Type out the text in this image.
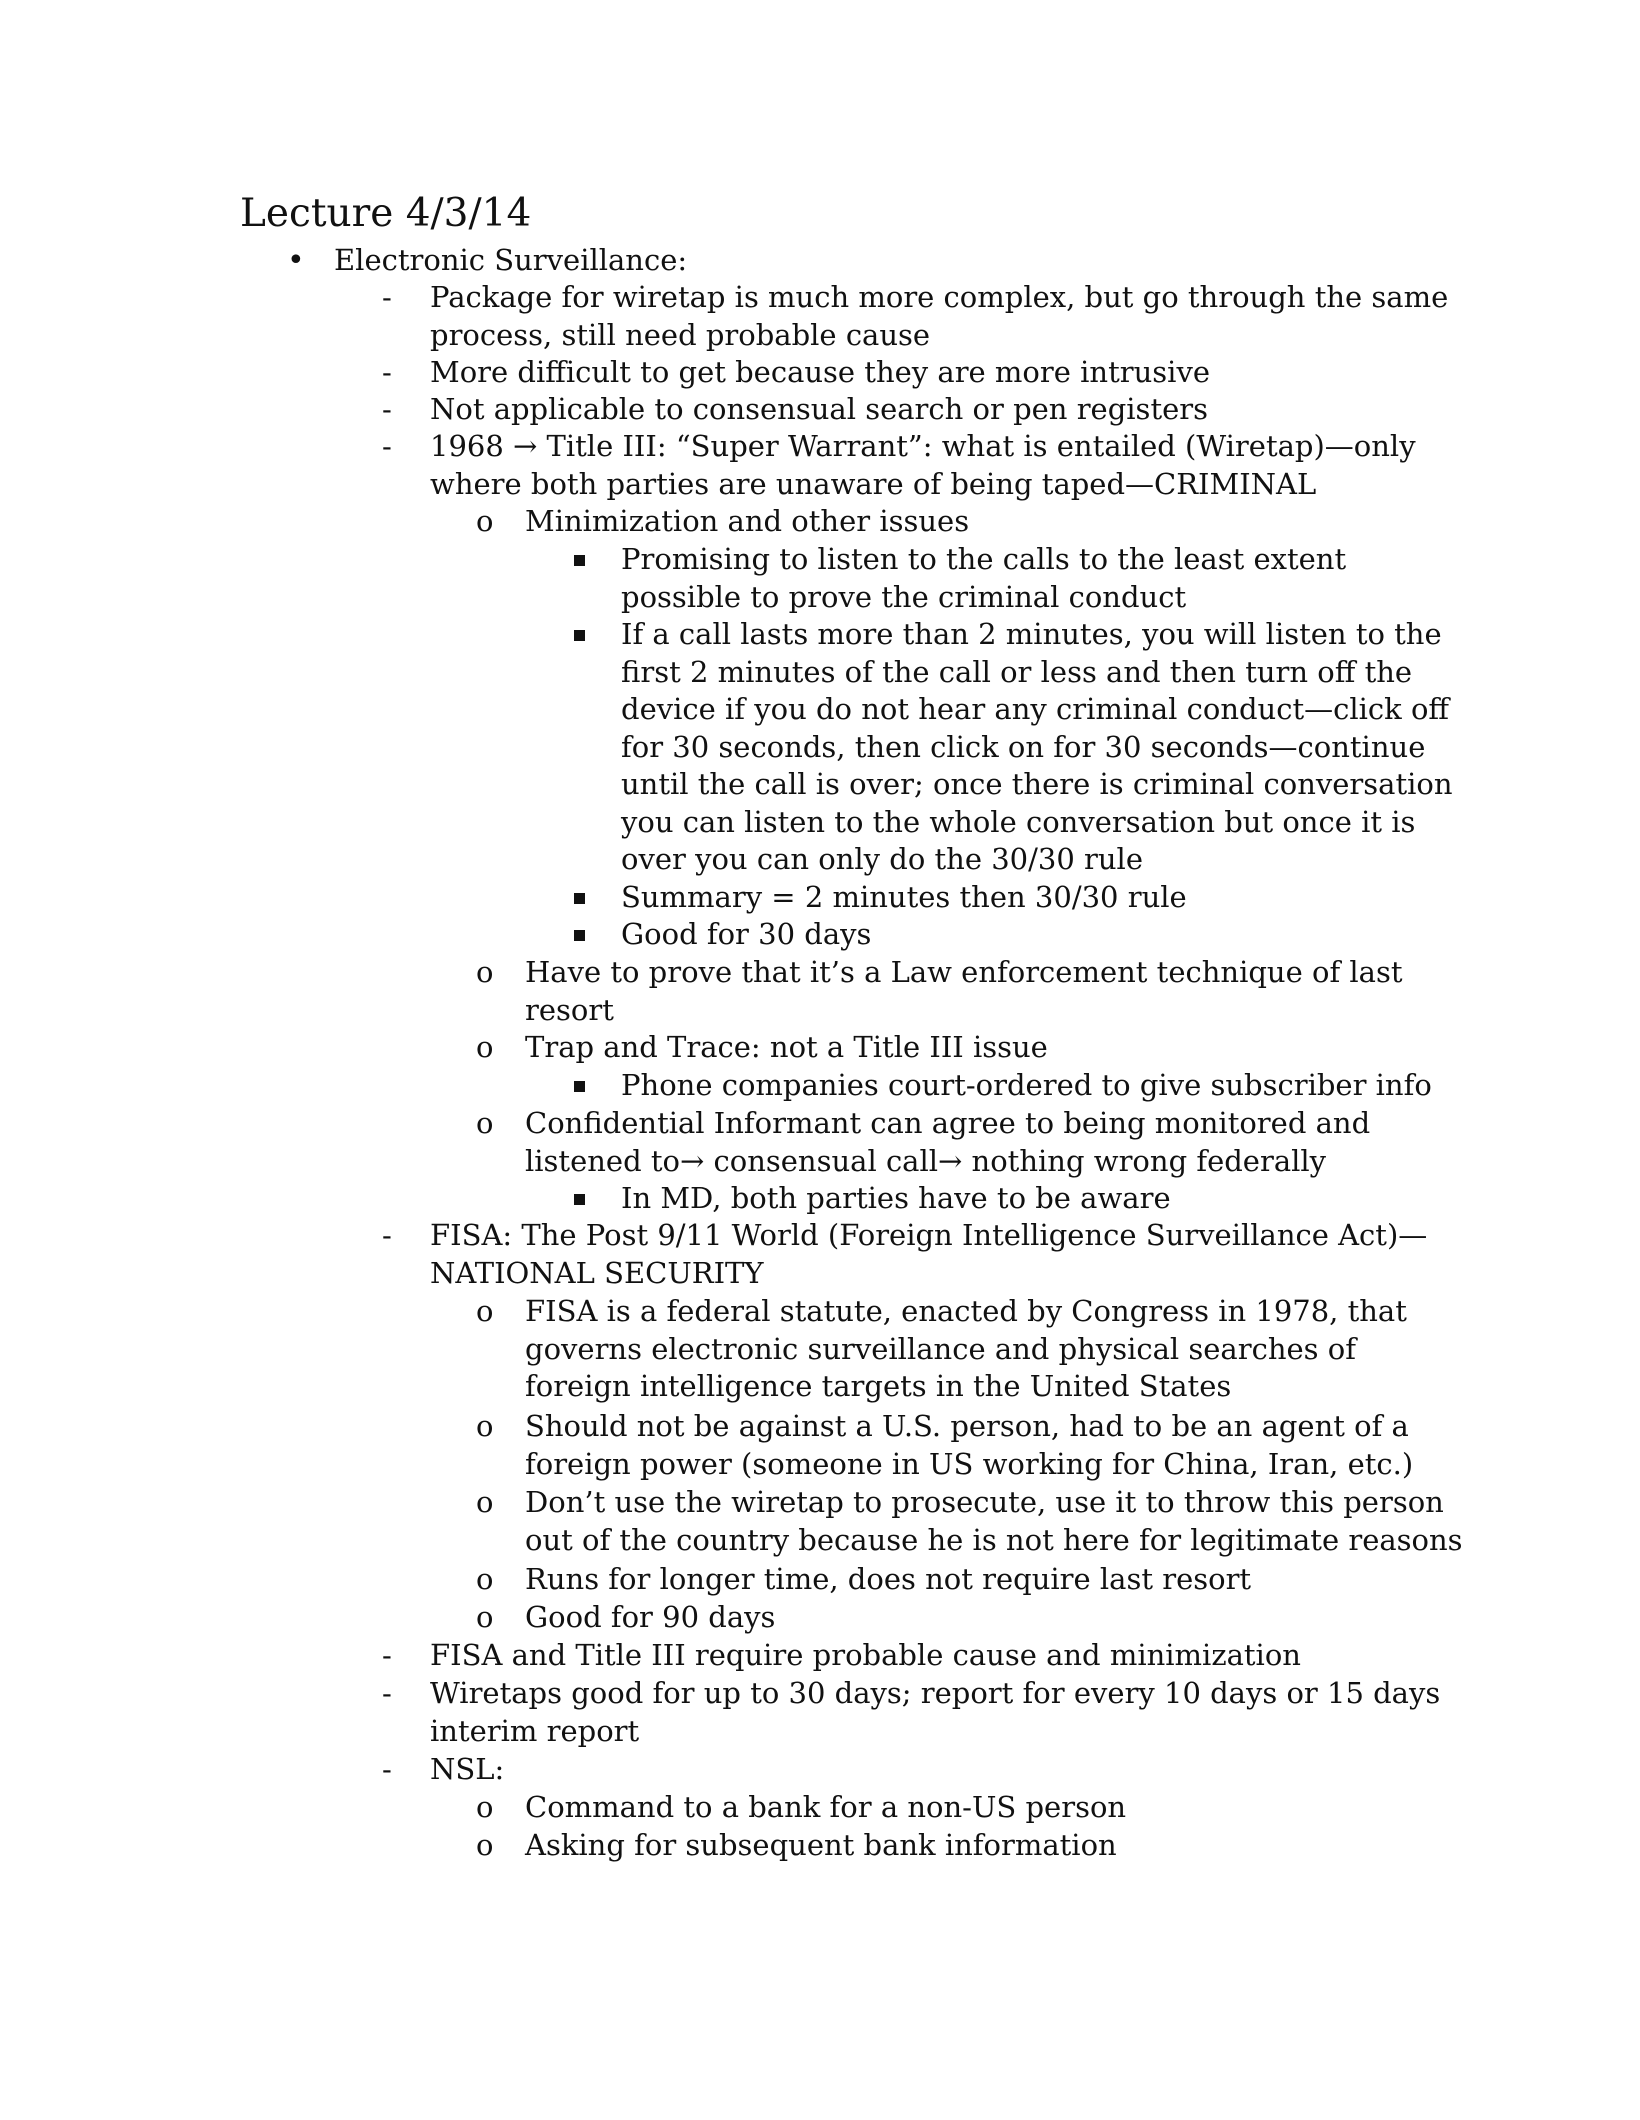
Lecture 4/3/14
• Electronic Surveillance:
- Package for wiretap is much more complex, but go through the same
process, still need probable cause
- More difficult to get because they are more intrusive
- Not applicable to consensual search or pen registers
- 1968 → Title III: “Super Warrant”: what is entailed (Wiretap)—only
where both parties are unaware of being taped—CRIMINAL
o Minimization and other issues
Promising to listen to the calls to the least extent
possible to prove the criminal conduct
If a call lasts more than 2 minutes, you will listen to the
first 2 minutes of the call or less and then turn off the
device if you do not hear any criminal conduct—click off
for 30 seconds, then click on for 30 seconds—continue
until the call is over; once there is criminal conversation
you can listen to the whole conversation but once it is
over you can only do the 30/30 rule
Summary = 2 minutes then 30/30 rule
Good for 30 days
o Have to prove that it’s a Law enforcement technique of last
resort
o Trap and Trace: not a Title III issue
Phone companies court-ordered to give subscriber info
o Confidential Informant can agree to being monitored and
listened to→ consensual call→ nothing wrong federally
In MD, both parties have to be aware
- FISA: The Post 9/11 World (Foreign Intelligence Surveillance Act)—
NATIONAL SECURITY
o FISA is a federal statute, enacted by Congress in 1978, that
governs electronic surveillance and physical searches of
foreign intelligence targets in the United States
o Should not be against a U.S. person, had to be an agent of a
foreign power (someone in US working for China, Iran, etc.)
o Don’t use the wiretap to prosecute, use it to throw this person
out of the country because he is not here for legitimate reasons
o Runs for longer time, does not require last resort
o Good for 90 days
- FISA and Title III require probable cause and minimization
- Wiretaps good for up to 30 days; report for every 10 days or 15 days
interim report
- NSL:
o Command to a bank for a non-US person
o Asking for subsequent bank information
